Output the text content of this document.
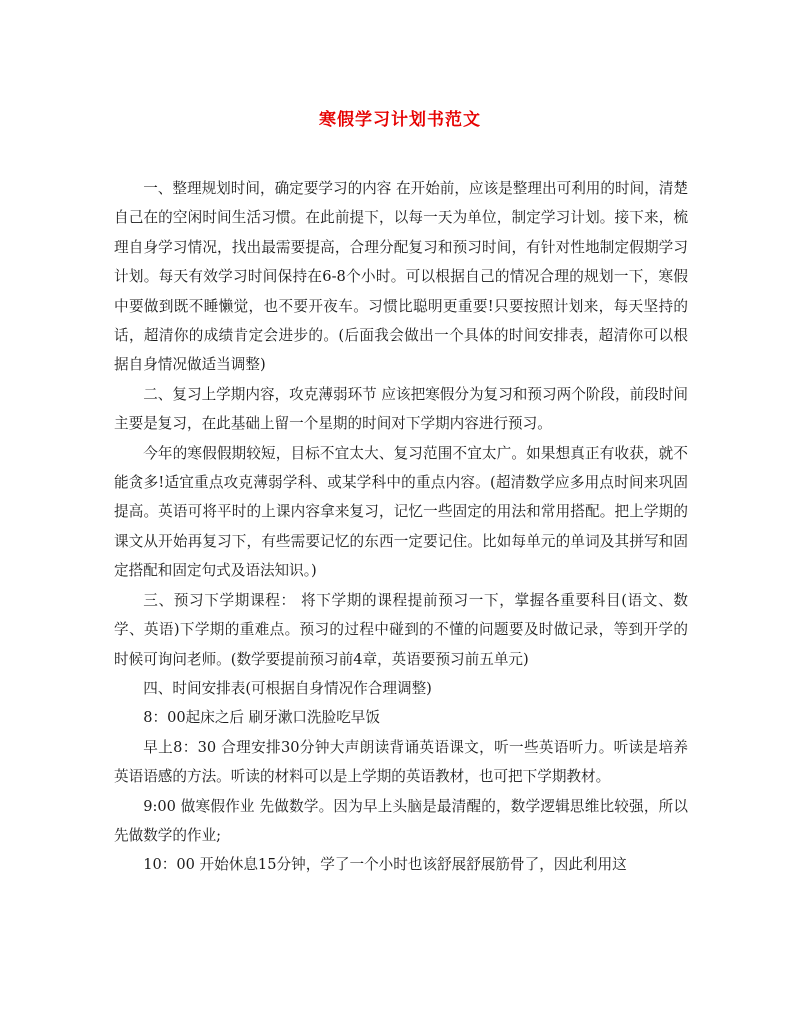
寒假学习计划书范文

一、整理规划时间，确定要学习的内容 在开始前，应该是整理出可利用的时间，清楚自己在的空闲时间生活习惯。在此前提下，以每一天为单位，制定学习计划。接下来，梳理自身学习情况，找出最需要提高，合理分配复习和预习时间，有针对性地制定假期学习计划。每天有效学习时间保持在6-8个小时。可以根据自己的情况合理的规划一下，寒假中要做到既不睡懒觉，也不要开夜车。习惯比聪明更重要!只要按照计划来，每天坚持的话，超清你的成绩肯定会进步的。(后面我会做出一个具体的时间安排表，超清你可以根据自身情况做适当调整)

二、复习上学期内容，攻克薄弱环节 应该把寒假分为复习和预习两个阶段，前段时间主要是复习，在此基础上留一个星期的时间对下学期内容进行预习。

今年的寒假假期较短，目标不宜太大、复习范围不宜太广。如果想真正有收获，就不能贪多!适宜重点攻克薄弱学科、或某学科中的重点内容。(超清数学应多用点时间来巩固提高。英语可将平时的上课内容拿来复习，记忆一些固定的用法和常用搭配。把上学期的课文从开始再复习下，有些需要记忆的东西一定要记住。比如每单元的单词及其拼写和固定搭配和固定句式及语法知识。)

三、预习下学期课程： 将下学期的课程提前预习一下，掌握各重要科目(语文、数学、英语)下学期的重难点。预习的过程中碰到的不懂的问题要及时做记录，等到开学的时候可询问老师。(数学要提前预习前4章，英语要预习前五单元)

四、时间安排表(可根据自身情况作合理调整)

8：00起床之后 刷牙漱口洗脸吃早饭

早上8：30 合理安排30分钟大声朗读背诵英语课文，听一些英语听力。听读是培养英语语感的方法。听读的材料可以是上学期的英语教材，也可把下学期教材。

9:00 做寒假作业 先做数学。因为早上头脑是最清醒的，数学逻辑思维比较强，所以先做数学的作业;

10：00 开始休息15分钟，学了一个小时也该舒展舒展筋骨了，因此利用这
